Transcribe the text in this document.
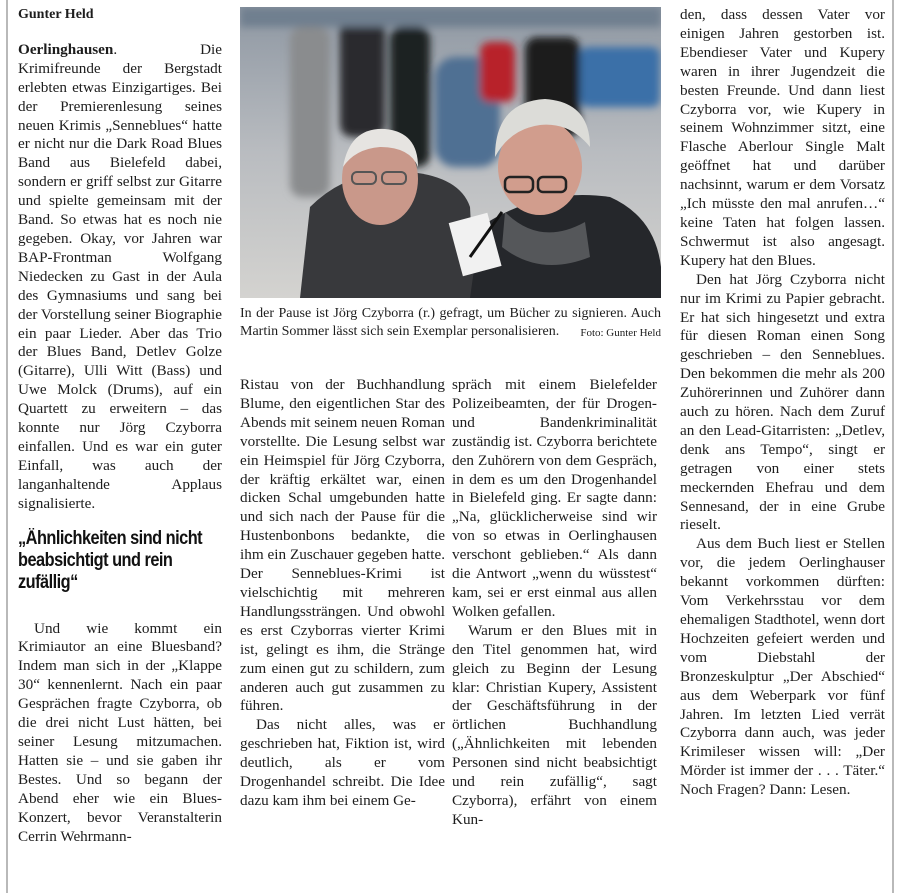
Gunter Held

Oerlinghausen. Die Krimifreunde der Bergstadt erlebten etwas Einzigartiges. Bei der Premierenlesung seines neuen Krimis „Senneblues“ hatte er nicht nur die Dark Road Blues Band aus Bielefeld dabei, sondern er griff selbst zur Gitarre und spielte gemeinsam mit der Band. So etwas hat es noch nie gegeben. Okay, vor Jahren war BAP-Frontman Wolfgang Niedecken zu Gast in der Aula des Gymnasiums und sang bei der Vorstellung seiner Biographie ein paar Lieder. Aber das Trio der Blues Band, Detlev Golze (Gitarre), Ulli Witt (Bass) und Uwe Molck (Drums), auf ein Quartett zu erweitern – das konnte nur Jörg Czyborra einfallen. Und es war ein guter Einfall, was auch der langanhaltende Applaus signalisierte.

„Ähnlichkeiten sind nicht beabsichtigt und rein zufällig“

Und wie kommt ein Krimiautor an eine Bluesband? Indem man sich in der „Klappe 30“ kennenlernt. Nach ein paar Gesprächen fragte Czyborra, ob die drei nicht Lust hätten, bei seiner Lesung mitzumachen. Hatten sie – und sie gaben ihr Bestes. Und so begann der Abend eher wie ein Blues-Konzert, bevor Veranstalterin Cerrin Wehrmann-

In der Pause ist Jörg Czyborra (r.) gefragt, um Bücher zu signieren. Auch Martin Sommer lässt sich sein Exemplar personalisieren. Foto: Gunter Held

Ristau von der Buchhandlung Blume, den eigentlichen Star des Abends mit seinem neuen Roman vorstellte. Die Lesung selbst war ein Heimspiel für Jörg Czyborra, der kräftig erkältet war, einen dicken Schal umgebunden hatte und sich nach der Pause für die Hustenbonbons bedankte, die ihm ein Zuschauer gegeben hatte. Der Senneblues-Krimi ist vielschichtig mit mehreren Handlungssträngen. Und obwohl es erst Czyborras vierter Krimi ist, gelingt es ihm, die Stränge zum einen gut zu schildern, zum anderen auch gut zusammen zu führen.

Das nicht alles, was er geschrieben hat, Fiktion ist, wird deutlich, als er vom Drogenhandel schreibt. Die Idee dazu kam ihm bei einem Ge-

spräch mit einem Bielefelder Polizeibeamten, der für Drogen- und Bandenkriminalität zuständig ist. Czyborra berichtete den Zuhörern von dem Gespräch, in dem es um den Drogenhandel in Bielefeld ging. Er sagte dann: „Na, glücklicherweise sind wir von so etwas in Oerlinghausen verschont geblieben.“ Als dann die Antwort „wenn du wüsstest“ kam, sei er erst einmal aus allen Wolken gefallen.

Warum er den Blues mit in den Titel genommen hat, wird gleich zu Beginn der Lesung klar: Christian Kupery, Assistent der Geschäftsführung in der örtlichen Buchhandlung („Ähnlichkeiten mit lebenden Personen sind nicht beabsichtigt und rein zufällig“, sagt Czyborra), erfährt von einem Kun-

den, dass dessen Vater vor einigen Jahren gestorben ist. Ebendieser Vater und Kupery waren in ihrer Jugendzeit die besten Freunde. Und dann liest Czyborra vor, wie Kupery in seinem Wohnzimmer sitzt, eine Flasche Aberlour Single Malt geöffnet hat und darüber nachsinnt, warum er dem Vorsatz „Ich müsste den mal anrufen…“ keine Taten hat folgen lassen. Schwermut ist also angesagt. Kupery hat den Blues.

Den hat Jörg Czyborra nicht nur im Krimi zu Papier gebracht. Er hat sich hingesetzt und extra für diesen Roman einen Song geschrieben – den Senneblues. Den bekommen die mehr als 200 Zuhörerinnen und Zuhörer dann auch zu hören. Nach dem Zuruf an den Lead-Gitarristen: „Detlev, denk ans Tempo“, singt er getragen von einer stets meckernden Ehefrau und dem Sennesand, der in eine Grube rieselt.

Aus dem Buch liest er Stellen vor, die jedem Oerlinghauser bekannt vorkommen dürften: Vom Verkehrsstau vor dem ehemaligen Stadthotel, wenn dort Hochzeiten gefeiert werden und vom Diebstahl der Bronzeskulptur „Der Abschied“ aus dem Weberpark vor fünf Jahren. Im letzten Lied verrät Czyborra dann auch, was jeder Krimileser wissen will: „Der Mörder ist immer der . . . Täter.“ Noch Fragen? Dann: Lesen.
